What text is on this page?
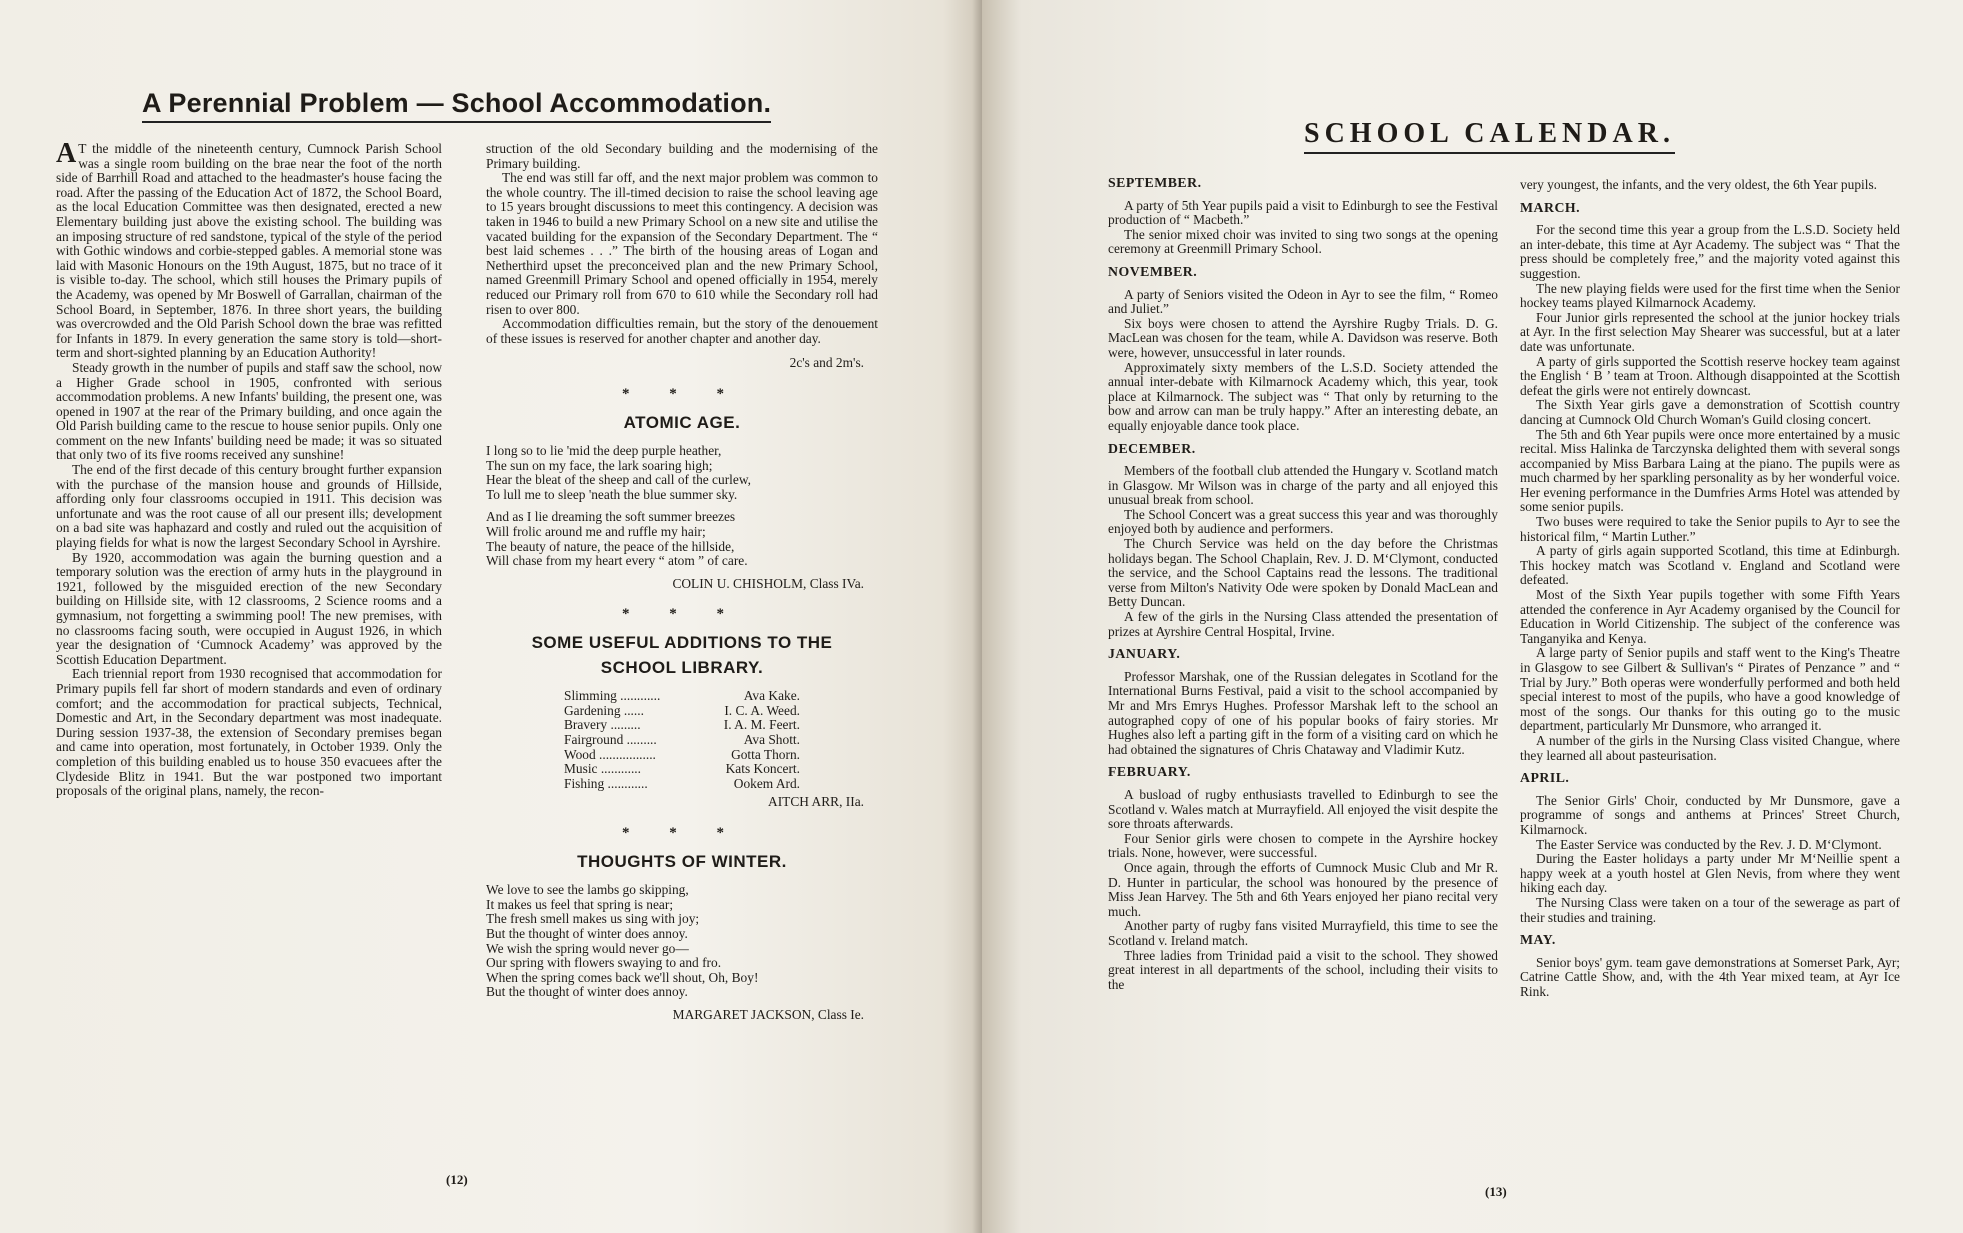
A Perennial Problem — School Accommodation.

A T the middle of the nineteenth century, Cumnock Parish School was a single room building on the brae near the foot of the north side of Barrhill Road and attached to the headmaster's house facing the road. After the passing of the Education Act of 1872, the School Board, as the local Education Committee was then designated, erected a new Elementary building just above the existing school. The building was an imposing structure of red sandstone, typical of the style of the period with Gothic windows and corbie-stepped gables. A memorial stone was laid with Masonic Honours on the 19th August, 1875, but no trace of it is visible to-day. The school, which still houses the Primary pupils of the Academy, was opened by Mr Boswell of Garrallan, chairman of the School Board, in September, 1876. In three short years, the building was overcrowded and the Old Parish School down the brae was refitted for Infants in 1879. In every generation the same story is told—short-term and short-sighted planning by an Education Authority!

Steady growth in the number of pupils and staff saw the school, now a Higher Grade school in 1905, confronted with serious accommodation problems. A new Infants' building, the present one, was opened in 1907 at the rear of the Primary building, and once again the Old Parish building came to the rescue to house senior pupils. Only one comment on the new Infants' building need be made; it was so situated that only two of its five rooms received any sunshine!

The end of the first decade of this century brought further expansion with the purchase of the mansion house and grounds of Hillside, affording only four classrooms occupied in 1911. This decision was unfortunate and was the root cause of all our present ills; development on a bad site was haphazard and costly and ruled out the acquisition of playing fields for what is now the largest Secondary School in Ayrshire.

By 1920, accommodation was again the burning question and a temporary solution was the erection of army huts in the playground in 1921, followed by the misguided erection of the new Secondary building on Hillside site, with 12 classrooms, 2 Science rooms and a gymnasium, not forgetting a swimming pool! The new premises, with no classrooms facing south, were occupied in August 1926, in which year the designation of ‘Cumnock Academy’ was approved by the Scottish Education Department.

Each triennial report from 1930 recognised that accommodation for Primary pupils fell far short of modern standards and even of ordinary comfort; and the accommodation for practical subjects, Technical, Domestic and Art, in the Secondary department was most inadequate. During session 1937-38, the extension of Secondary premises began and came into operation, most fortunately, in October 1939. Only the completion of this building enabled us to house 350 evacuees after the Clydeside Blitz in 1941. But the war postponed two important proposals of the original plans, namely, the recon-

struction of the old Secondary building and the modernising of the Primary building.

The end was still far off, and the next major problem was common to the whole country. The ill-timed decision to raise the school leaving age to 15 years brought discussions to meet this contingency. A decision was taken in 1946 to build a new Primary School on a new site and utilise the vacated building for the expansion of the Secondary Department. The “ best laid schemes . . .” The birth of the housing areas of Logan and Netherthird upset the preconceived plan and the new Primary School, named Greenmill Primary School and opened officially in 1954, merely reduced our Primary roll from 670 to 610 while the Secondary roll had risen to over 800.

Accommodation difficulties remain, but the story of the denouement of these issues is reserved for another chapter and another day.

2c's and 2m's.
* * *
ATOMIC AGE.
I long so to lie 'mid the deep purple heather,
The sun on my face, the lark soaring high;
Hear the bleat of the sheep and call of the curlew,
To lull me to sleep 'neath the blue summer sky.
And as I lie dreaming the soft summer breezes
Will frolic around me and ruffle my hair;
The beauty of nature, the peace of the hillside,
Will chase from my heart every “ atom ” of care.
COLIN U. CHISHOLM, Class IVa.
* * *
SOME USEFUL ADDITIONS TO THE
SCHOOL LIBRARY.
Slimming ............	Ava Kake.
Gardening ......	I. C. A. Weed.
Bravery .........	I. A. M. Feert.
Fairground .........	Ava Shott.
Wood .................	Gotta Thorn.
Music ............	Kats Koncert.
Fishing ............	Ookem Ard.
AITCH ARR, IIa.
* * *
THOUGHTS OF WINTER.
We love to see the lambs go skipping,
It makes us feel that spring is near;
The fresh smell makes us sing with joy;
But the thought of winter does annoy.
We wish the spring would never go—
Our spring with flowers swaying to and fro.
When the spring comes back we'll shout, Oh, Boy!
But the thought of winter does annoy.
MARGARET JACKSON, Class Ie.
(12)
SCHOOL CALENDAR.
SEPTEMBER.

A party of 5th Year pupils paid a visit to Edinburgh to see the Festival production of “ Macbeth.”

The senior mixed choir was invited to sing two songs at the opening ceremony at Greenmill Primary School.

NOVEMBER.

A party of Seniors visited the Odeon in Ayr to see the film, “ Romeo and Juliet.”

Six boys were chosen to attend the Ayrshire Rugby Trials. D. G. MacLean was chosen for the team, while A. Davidson was reserve. Both were, however, unsuccessful in later rounds.

Approximately sixty members of the L.S.D. Society attended the annual inter-debate with Kilmarnock Academy which, this year, took place at Kilmarnock. The subject was “ That only by returning to the bow and arrow can man be truly happy.” After an interesting debate, an equally enjoyable dance took place.

DECEMBER.

Members of the football club attended the Hungary v. Scotland match in Glasgow. Mr Wilson was in charge of the party and all enjoyed this unusual break from school.

The School Concert was a great success this year and was thoroughly enjoyed both by audience and performers.

The Church Service was held on the day before the Christmas holidays began. The School Chaplain, Rev. J. D. M‘Clymont, conducted the service, and the School Captains read the lessons. The traditional verse from Milton's Nativity Ode were spoken by Donald MacLean and Betty Duncan.

A few of the girls in the Nursing Class attended the presentation of prizes at Ayrshire Central Hospital, Irvine.

JANUARY.

Professor Marshak, one of the Russian delegates in Scotland for the International Burns Festival, paid a visit to the school accompanied by Mr and Mrs Emrys Hughes. Professor Marshak left to the school an autographed copy of one of his popular books of fairy stories. Mr Hughes also left a parting gift in the form of a visiting card on which he had obtained the signatures of Chris Chataway and Vladimir Kutz.

FEBRUARY.

A busload of rugby enthusiasts travelled to Edinburgh to see the Scotland v. Wales match at Murrayfield. All enjoyed the visit despite the sore throats afterwards.

Four Senior girls were chosen to compete in the Ayrshire hockey trials. None, however, were successful.

Once again, through the efforts of Cumnock Music Club and Mr R. D. Hunter in particular, the school was honoured by the presence of Miss Jean Harvey. The 5th and 6th Years enjoyed her piano recital very much.

Another party of rugby fans visited Murrayfield, this time to see the Scotland v. Ireland match.

Three ladies from Trinidad paid a visit to the school. They showed great interest in all departments of the school, including their visits to the

very youngest, the infants, and the very oldest, the 6th Year pupils.

MARCH.

For the second time this year a group from the L.S.D. Society held an inter-debate, this time at Ayr Academy. The subject was “ That the press should be completely free,” and the majority voted against this suggestion.

The new playing fields were used for the first time when the Senior hockey teams played Kilmarnock Academy.

Four Junior girls represented the school at the junior hockey trials at Ayr. In the first selection May Shearer was successful, but at a later date was unfortunate.

A party of girls supported the Scottish reserve hockey team against the English ‘ B ’ team at Troon. Although disappointed at the Scottish defeat the girls were not entirely downcast.

The Sixth Year girls gave a demonstration of Scottish country dancing at Cumnock Old Church Woman's Guild closing concert.

The 5th and 6th Year pupils were once more entertained by a music recital. Miss Halinka de Tarczynska delighted them with several songs accompanied by Miss Barbara Laing at the piano. The pupils were as much charmed by her sparkling personality as by her wonderful voice. Her evening performance in the Dumfries Arms Hotel was attended by some senior pupils.

Two buses were required to take the Senior pupils to Ayr to see the historical film, “ Martin Luther.”

A party of girls again supported Scotland, this time at Edinburgh. This hockey match was Scotland v. England and Scotland were defeated.

Most of the Sixth Year pupils together with some Fifth Years attended the conference in Ayr Academy organised by the Council for Education in World Citizenship. The subject of the conference was Tanganyika and Kenya.

A large party of Senior pupils and staff went to the King's Theatre in Glasgow to see Gilbert & Sullivan's “ Pirates of Penzance ” and “ Trial by Jury.” Both operas were wonderfully performed and both held special interest to most of the pupils, who have a good knowledge of most of the songs. Our thanks for this outing go to the music department, particularly Mr Dunsmore, who arranged it.

A number of the girls in the Nursing Class visited Changue, where they learned all about pasteurisation.

APRIL.

The Senior Girls' Choir, conducted by Mr Dunsmore, gave a programme of songs and anthems at Princes' Street Church, Kilmarnock.

The Easter Service was conducted by the Rev. J. D. M‘Clymont.

During the Easter holidays a party under Mr M‘Neillie spent a happy week at a youth hostel at Glen Nevis, from where they went hiking each day.

The Nursing Class were taken on a tour of the sewerage as part of their studies and training.

MAY.

Senior boys' gym. team gave demonstrations at Somerset Park, Ayr; Catrine Cattle Show, and, with the 4th Year mixed team, at Ayr Ice Rink.

(13)
